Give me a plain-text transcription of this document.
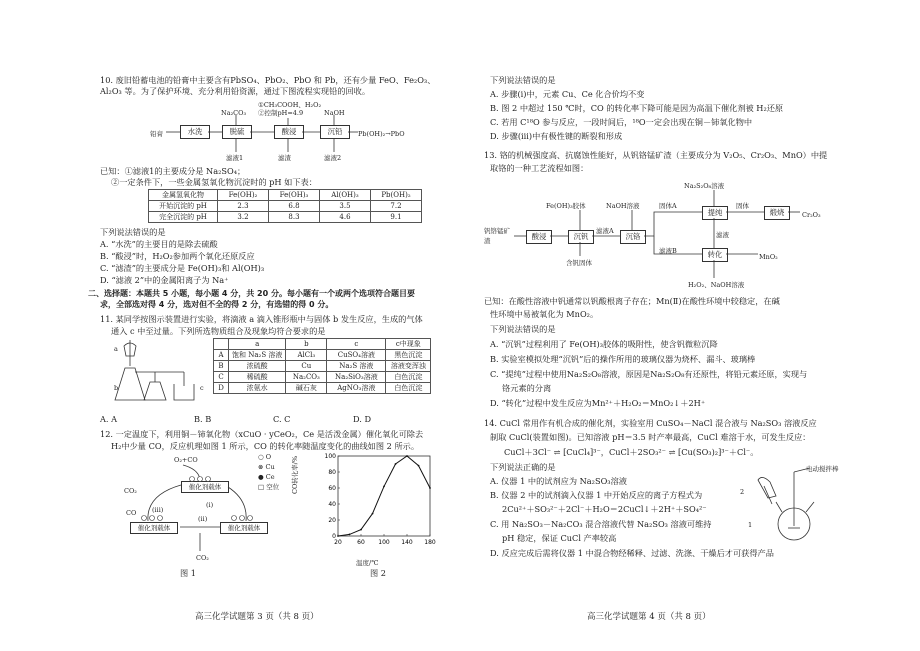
10. 废旧铅蓄电池的铅膏中主要含有PbSO₄、PbO₂、PbO 和 Pb，还有少量 FeO、Fe₂O₃、
Al₂O₃ 等。为了保护环境、充分利用铅资源，通过下图流程实现铅的回收。
①CH₃COOH、H₂O₂
②控制pH=4.9
Na₂CO₃	NaOH
铅膏	水洗	脱硫	酸浸	沉铅	Pb(OH)₂→PbO
滤液1	滤渣	滤液2
已知：①滤液1的主要成分是 Na₂SO₄；
②一定条件下，一些金属氢氧化物沉淀时的 pH 如下表：
金属氢氧化物	Fe(OH)₂	Fe(OH)₃	Al(OH)₃	Pb(OH)₂
开始沉淀的 pH	2.3	6.8	3.5	7.2
完全沉淀的 pH	3.2	8.3	4.6	9.1
下列说法错误的是
A. “水洗”的主要目的是除去硫酸
B. “酸浸”时，H₂O₂参加两个氧化还原反应
C. “滤渣”的主要成分是 Fe(OH)₃和 Al(OH)₃
D. “滤液 2”中的金属阳离子为 Na⁺
二、选择题：本题共 5 小题，每小题 4 分，共 20 分。每小题有一个或两个选项符合题目要
求，全部选对得 4 分，选对但不全的得 2 分，有选错的得 0 分。
11. 某同学按图示装置进行实验，将滴液 a 滴入锥形瓶中与固体 b 发生反应，生成的气体
通入 c 中至过量。下列所选物质组合及现象均符合要求的是
a
b	c
	a	b	c	c中现象
A	饱和 Na₂S 溶液	AlCl₃	CuSO₄溶液	黑色沉淀
B	浓硫酸	Cu	Na₂S 溶液	溶液变浑浊
C	稀硫酸	Na₂CO₃	Na₂SiO₃溶液	白色沉淀
D	浓氨水	碱石灰	AgNO₃溶液	白色沉淀
A. A	B. B	C. C	D. D
12. 一定温度下，利用铜－铈氧化物（xCuO · yCeO₂，Ce 是活泼金属）催化氧化可除去
H₂中少量 CO，反应机理如图 1 所示，CO 的转化率随温度变化的曲线如图 2 所示。
O₂+CO
CO₂
CO
CO₂
催化剂载体
催化剂载体	催化剂载体
(i)
(ii)
(iii)
○ O
⊗ Cu
● Ce
□ 空位
图 1
20	60 100 140 180
0
20
40
60
80
100
温度/℃
CO转化率/%
图 2
高三化学试题第 3 页（共 8 页）
下列说法错误的是
A. 步骤(i)中，元素 Cu、Ce 化合价均不变
B. 图 2 中超过 150 ℃时，CO 的转化率下降可能是因为高温下催化剂被 H₂还原
C. 若用 C¹⁸O 参与反应，一段时间后，¹⁸O一定会出现在铜－铈氧化物中
D. 步骤(iii)中有极性键的断裂和形成
13. 铬的机械强度高、抗腐蚀性能好，从钒铬锰矿渣（主要成分为 V₂O₅、Cr₂O₃、MnO）中提
取铬的一种工艺流程如图：
Na₂S₂O₈溶液
Fe(OH)₃胶体	NaOH溶液	固体A	固体
钒铬锰矿渣	酸浸	沉钒	沉铬
提纯	煅烧
转化
滤液A
滤液B
滤液
含钒固体
Cr₂O₃
MnO₂
H₂O₂、NaOH溶液
已知：在酸性溶液中钒通常以钒酸根离子存在；Mn(Ⅱ)在酸性环境中较稳定，在碱
性环境中易被氧化为 MnO₂。
下列说法错误的是
A. “沉钒”过程利用了 Fe(OH)₃胶体的吸附性，使含钒微粒沉降
B. 实验室模拟处理“沉钒”后的操作所用的玻璃仪器为烧杯、漏斗、玻璃棒
C. “提纯”过程中使用Na₂S₂O₈溶液，原因是Na₂S₂O₈有还原性，将铅元素还原，实现与
铬元素的分离
D. “转化”过程中发生反应为Mn²⁺＋H₂O₂＝MnO₂↓＋2H⁺
14. CuCl 常用作有机合成的催化剂，实验室用 CuSO₄－NaCl 混合液与 Na₂SO₃ 溶液反应
制取 CuCl(装置如图)。已知溶液 pH＝3.5 时产率最高，CuCl 难溶于水，可发生反应：
CuCl＋3Cl⁻ ⇌ [CuCl₄]³⁻，CuCl＋2SO₃²⁻ ⇌ [Cu(SO₃)₂]³⁻＋Cl⁻。
下列说法正确的是
A. 仪器 1 中的试剂应为 Na₂SO₃溶液
B. 仪器 2 中的试剂滴入仪器 1 中开始反应的离子方程式为
2Cu²⁺＋SO₃²⁻＋2Cl⁻＋H₂O＝2CuCl↓＋2H⁺＋SO₄²⁻
C. 用 Na₂SO₃－Na₂CO₃ 混合溶液代替 Na₂SO₃ 溶液可维持
pH 稳定，保证 CuCl 产率较高
D. 反应完成后需将仪器 1 中混合物经稀释、过滤、洗涤、干燥后才可获得产品
电动搅拌棒
2
1
高三化学试题第 4 页（共 8 页）
